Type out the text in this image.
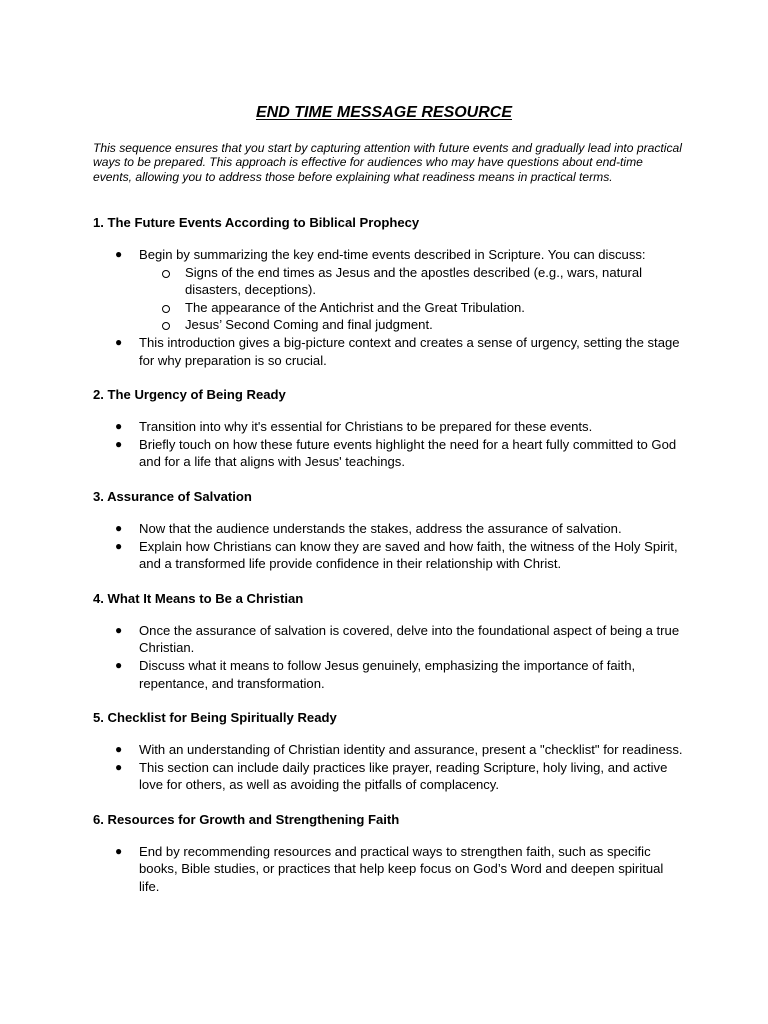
END TIME MESSAGE RESOURCE

This sequence ensures that you start by capturing attention with future events and gradually lead into practical ways to be prepared. This approach is effective for audiences who may have questions about end-time events, allowing you to address those before explaining what readiness means in practical terms.

1. The Future Events According to Biblical Prophecy
●	Begin by summarizing the key end-time events described in Scripture. You can discuss:
Signs of the end times as Jesus and the apostles described (e.g., wars, natural disasters, deceptions).
The appearance of the Antichrist and the Great Tribulation.
Jesus’ Second Coming and final judgment.
●	This introduction gives a big-picture context and creates a sense of urgency, setting the stage for why preparation is so crucial.
2. The Urgency of Being Ready
●	Transition into why it's essential for Christians to be prepared for these events.
●	Briefly touch on how these future events highlight the need for a heart fully committed to God and for a life that aligns with Jesus' teachings.
3. Assurance of Salvation
●	Now that the audience understands the stakes, address the assurance of salvation.
●	Explain how Christians can know they are saved and how faith, the witness of the Holy Spirit, and a transformed life provide confidence in their relationship with Christ.
4. What It Means to Be a Christian
●	Once the assurance of salvation is covered, delve into the foundational aspect of being a true Christian.
●	Discuss what it means to follow Jesus genuinely, emphasizing the importance of faith, repentance, and transformation.
5. Checklist for Being Spiritually Ready
●	With an understanding of Christian identity and assurance, present a "checklist" for readiness.
●	This section can include daily practices like prayer, reading Scripture, holy living, and active love for others, as well as avoiding the pitfalls of complacency.
6. Resources for Growth and Strengthening Faith
●	End by recommending resources and practical ways to strengthen faith, such as specific books, Bible studies, or practices that help keep focus on God’s Word and deepen spiritual life.
